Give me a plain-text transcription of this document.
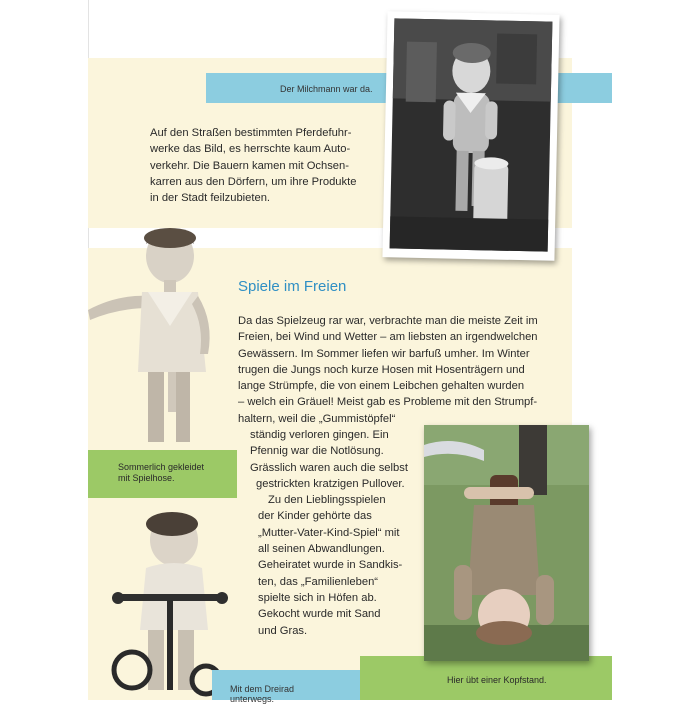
Der Milchmann war da.
Auf den Straßen bestimmten Pferdefuhr-
werke das Bild, es herrschte kaum Auto-
verkehr. Die Bauern kamen mit Ochsen-
karren aus den Dörfern, um ihre Produkte
in der Stadt feilzubieten.
Spiele im Freien
Da das Spielzeug rar war, verbrachte man die meiste Zeit im
Freien, bei Wind und Wetter – am liebsten an irgendwelchen
Gewässern. Im Sommer liefen wir barfuß umher. Im Winter
trugen die Jungs noch kurze Hosen mit Hosenträgern und
lange Strümpfe, die von einem Leibchen gehalten wurden
– welch ein Gräuel! Meist gab es Probleme mit den Strumpf-
haltern, weil die „Gummistöpfel“
ständig verloren gingen. Ein
Pfennig war die Notlösung.
Grässlich waren auch die selbst
gestrickten kratzigen Pullover.
Zu den Lieblingsspielen
der Kinder gehörte das
„Mutter-Vater-Kind-Spiel“ mit
all seinen Abwandlungen.
Geheiratet wurde in Sandkis-
ten, das „Familienleben“
spielte sich in Höfen ab.
Gekocht wurde mit Sand
und Gras.
Sommerlich gekleidet
mit Spielhose.
Mit dem Dreirad
unterwegs.
Hier übt einer Kopfstand.
